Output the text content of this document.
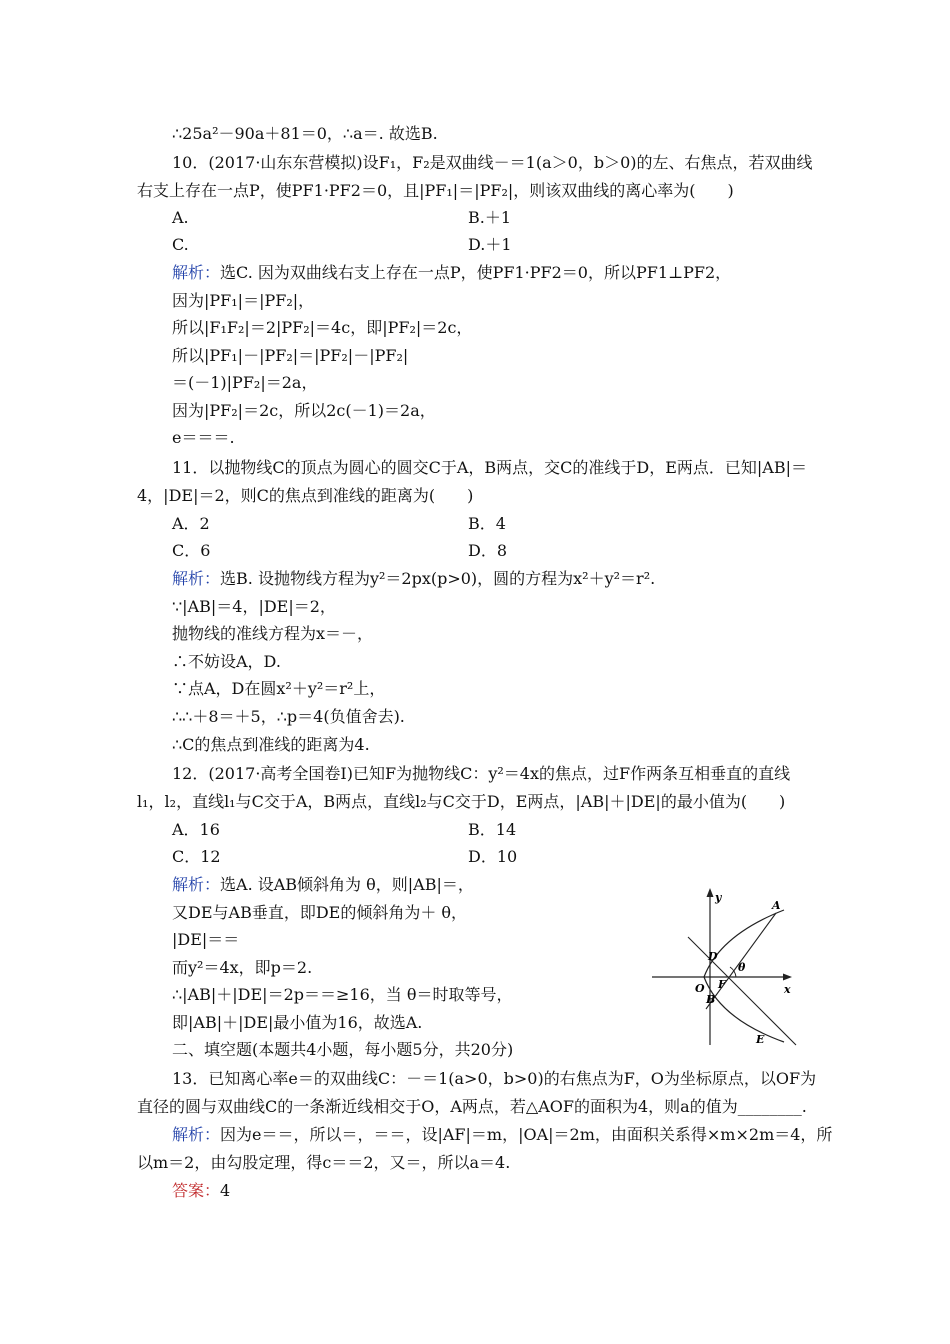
∴25a²－90a＋81＝0，∴a＝. 故选B.
10．(2017·山东东营模拟)设F₁，F₂是双曲线－＝1(a＞0，b＞0)的左、右焦点，若双曲线
右支上存在一点P，使PF1·PF2＝0，且|PF₁|＝|PF₂|，则该双曲线的离心率为(　　)
A.	B.＋1
C.	D.＋1
解析：选C. 因为双曲线右支上存在一点P，使PF1·PF2＝0，所以PF1⊥PF2，
因为|PF₁|＝|PF₂|，
所以|F₁F₂|＝2|PF₂|＝4c，即|PF₂|＝2c，
所以|PF₁|－|PF₂|＝|PF₂|－|PF₂|
＝(－1)|PF₂|＝2a，
因为|PF₂|＝2c，所以2c(－1)＝2a，
e＝＝＝.
11．以抛物线C的顶点为圆心的圆交C于A，B两点，交C的准线于D，E两点．已知|AB|＝
4，|DE|＝2，则C的焦点到准线的距离为(　　)
A．2	B．4
C．6	D．8
解析：选B. 设抛物线方程为y²＝2px(p>0)，圆的方程为x²＋y²＝r².
∵|AB|＝4，|DE|＝2，
抛物线的准线方程为x＝－，
∴不妨设A，D.
∵点A，D在圆x²＋y²＝r²上，
∴∴＋8＝＋5，∴p＝4(负值舍去).
∴C的焦点到准线的距离为4.
12．(2017·高考全国卷Ⅰ)已知F为抛物线C：y²＝4x的焦点，过F作两条互相垂直的直线
l₁，l₂，直线l₁与C交于A，B两点，直线l₂与C交于D，E两点，|AB|＋|DE|的最小值为(　　)
A．16	B．14
C．12	D．10
解析：选A. 设AB倾斜角为 θ，则|AB|＝，
又DE与AB垂直，即DE的倾斜角为＋ θ，
|DE|＝＝
而y²＝4x，即p＝2.
∴|AB|＋|DE|＝2p＝＝≥16，当 θ＝时取等号，
即|AB|＋|DE|最小值为16，故选A.
y
x
A
D
θ
O F
B
E
二、填空题(本题共4小题，每小题5分，共20分)
13．已知离心率e＝的双曲线C：－＝1(a>0，b>0)的右焦点为F，O为坐标原点，以OF为
直径的圆与双曲线C的一条渐近线相交于O，A两点，若△AOF的面积为4，则a的值为________.
解析：因为e＝＝，所以＝，＝＝，设|AF|＝m，|OA|＝2m，由面积关系得×m×2m＝4，所
以m＝2，由勾股定理，得c＝＝2，又＝，所以a＝4.
答案：4
